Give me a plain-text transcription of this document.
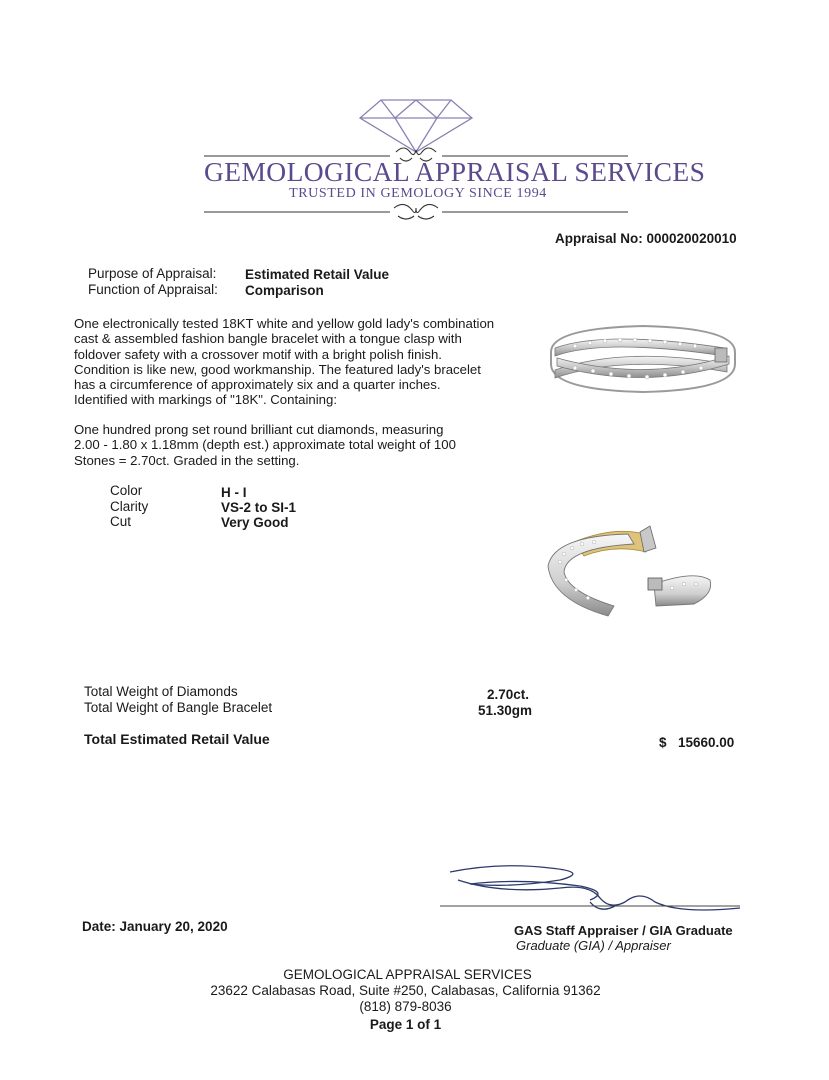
GEMOLOGICAL APPRAISAL SERVICES
TRUSTED IN GEMOLOGY SINCE 1994
Appraisal No: 000020020010
Purpose of Appraisal: Estimated Retail Value
Function of Appraisal: Comparison
One electronically tested 18KT white and yellow gold lady's combination
cast & assembled fashion bangle bracelet with a tongue clasp with
foldover safety with a crossover motif with a bright polish finish.
Condition is like new, good workmanship. The featured lady's bracelet
has a circumference of approximately six and a quarter inches.
Identified with markings of "18K". Containing:
One hundred prong set round brilliant cut diamonds, measuring
2.00 - 1.80 x 1.18mm (depth est.) approximate total weight of 100
Stones = 2.70ct. Graded in the setting.
Color	H - I
Clarity	VS-2 to SI-1
Cut	Very Good
Total Weight of Diamonds	2.70ct.
Total Weight of Bangle Bracelet	51.30gm
Total Estimated Retail Value	$ 15660.00
Date: January 20, 2020	GAS Staff Appraiser / GIA Graduate
Graduate (GIA) / Appraiser
GEMOLOGICAL APPRAISAL SERVICES
23622 Calabasas Road, Suite #250, Calabasas, California 91362
(818) 879-8036
Page 1 of 1
